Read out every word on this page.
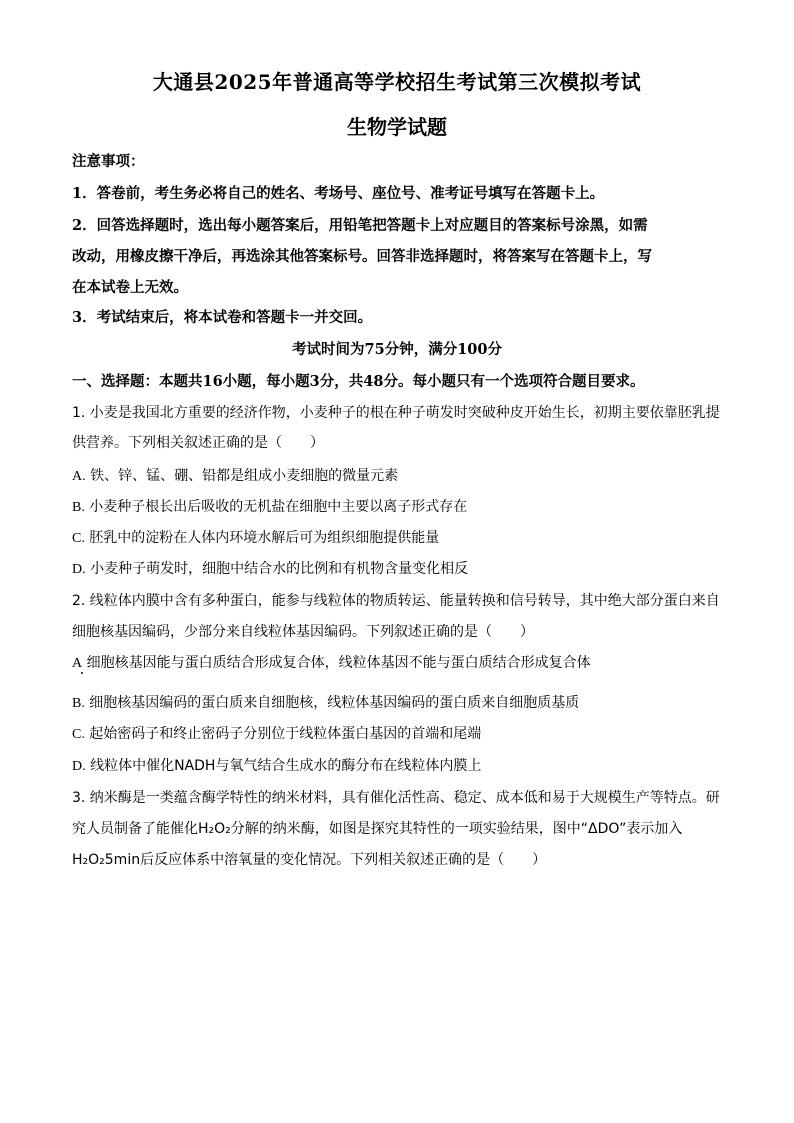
大通县2025年普通高等学校招生考试第三次模拟考试
生物学试题
注意事项：
1．答卷前，考生务必将自己的姓名、考场号、座位号、准考证号填写在答题卡上。
2．回答选择题时，选出每小题答案后，用铅笔把答题卡上对应题目的答案标号涂黑，如需
改动，用橡皮擦干净后，再选涂其他答案标号。回答非选择题时，将答案写在答题卡上，写
在本试卷上无效。
3．考试结束后，将本试卷和答题卡一并交回。
考试时间为75分钟，满分100分
一、选择题：本题共16小题，每小题3分，共48分。每小题只有一个选项符合题目要求。
1. 小麦是我国北方重要的经济作物，小麦种子的根在种子萌发时突破种皮开始生长，初期主要依靠胚乳提
供营养。下列相关叙述正确的是（　　）
A. 铁、锌、锰、硼、铅都是组成小麦细胞的微量元素
B. 小麦种子根长出后吸收的无机盐在细胞中主要以离子形式存在
C. 胚乳中的淀粉在人体内环境水解后可为组织细胞提供能量
D. 小麦种子萌发时，细胞中结合水的比例和有机物含量变化相反
2. 线粒体内膜中含有多种蛋白，能参与线粒体的物质转运、能量转换和信号转导，其中绝大部分蛋白来自
细胞核基因编码，少部分来自线粒体基因编码。下列叙述正确的是（　　）
A 细胞核基因能与蛋白质结合形成复合体，线粒体基因不能与蛋白质结合形成复合体
B. 细胞核基因编码的蛋白质来自细胞核，线粒体基因编码的蛋白质来自细胞质基质
C. 起始密码子和终止密码子分别位于线粒体蛋白基因的首端和尾端
D. 线粒体中催化NADH与氧气结合生成水的酶分布在线粒体内膜上
3. 纳米酶是一类蕴含酶学特性的纳米材料，具有催化活性高、稳定、成本低和易于大规模生产等特点。研
究人员制备了能催化H₂O₂分解的纳米酶，如图是探究其特性的一项实验结果，图中“ΔDO”表示加入
H₂O₂5min后反应体系中溶氧量的变化情况。下列相关叙述正确的是（　　）
